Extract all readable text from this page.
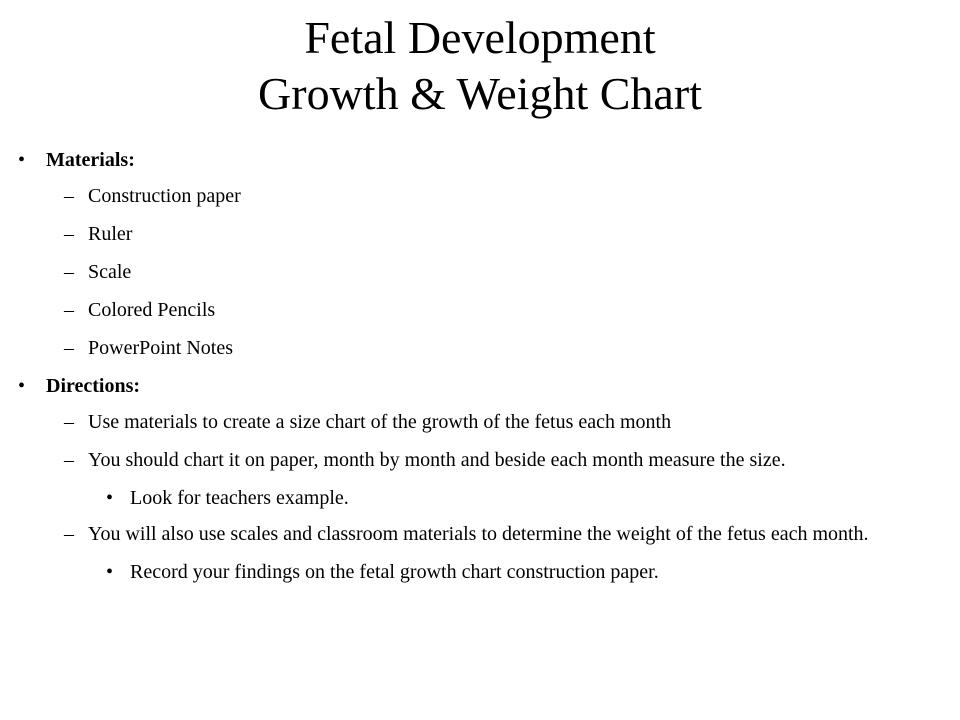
Fetal Development
Growth & Weight Chart
• Materials:
– Construction paper
– Ruler
– Scale
– Colored Pencils
– PowerPoint Notes
• Directions:
– Use materials to create a size chart of the growth of the fetus each month
– You should chart it on paper, month by month and beside each month measure the size.
• Look for teachers example.
– You will also use scales and classroom materials to determine the weight of the fetus each month.
• Record your findings on the fetal growth chart construction paper.
